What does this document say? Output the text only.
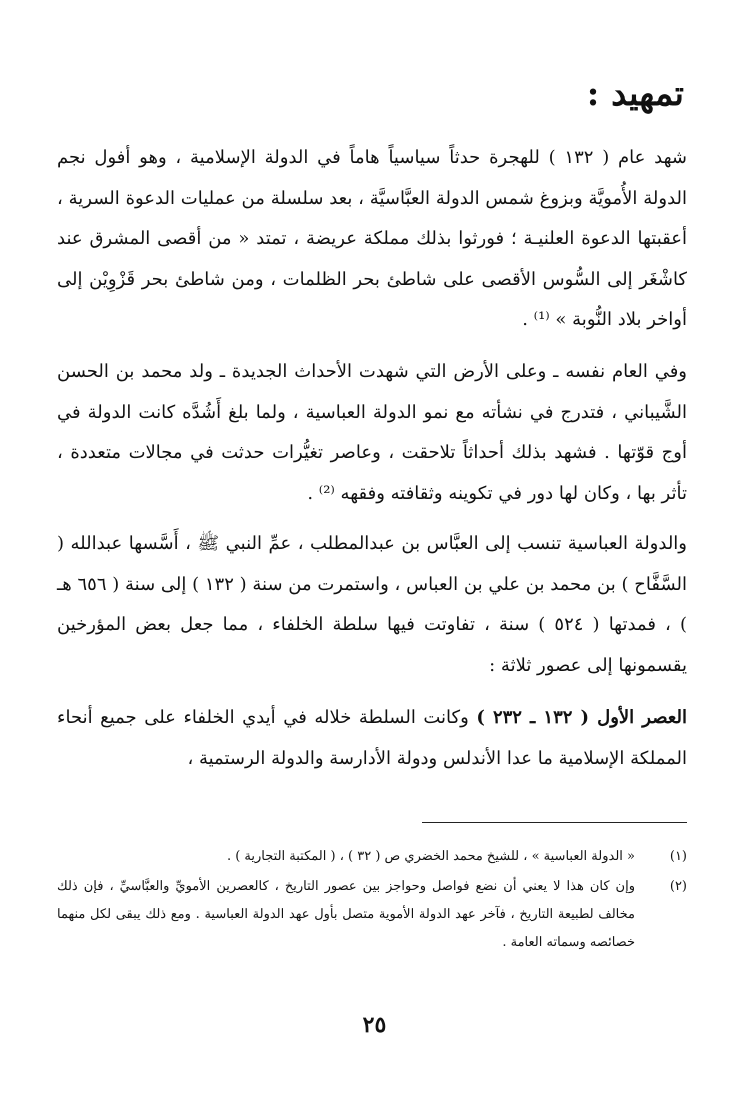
تمهيد :
شهد عام ( ١٣٢ ) للهجرة حدثاً سياسياً هاماً في الدولة الإسلامية ، وهو أفول نجم الدولة الأُمويَّة وبزوغ شمس الدولة العبَّاسيَّة ، بعد سلسلة من عمليات الدعوة السرية ، أعقبتها الدعوة العلنيـة ؛ فورثوا بذلك مملكة عريضة ، تمتد « من أقصى المشرق عند كاشْغَر إلى السُّوس الأقصى على شاطئ بحر الظلمات ، ومن شاطئ بحر قَزْوِيْن إلى أواخر بلاد النُّوبة » ⁽¹⁾ .
وفي العام نفسه ـ وعلى الأرض التي شهدت الأحداث الجديدة ـ ولد محمد بن الحسن الشَّيباني ، فتدرج في نشأته مع نمو الدولة العباسية ، ولما بلغ أَشُدَّه كانت الدولة في أوج قوّتها . فشهد بذلك أحداثاً تلاحقت ، وعاصر تغيُّرات حدثت في مجالات متعددة ، تأثر بها ، وكان لها دور في تكوينه وثقافته وفقهه ⁽²⁾ .
والدولة العباسية تنسب إلى العبَّاس بن عبدالمطلب ، عمِّ النبي ﷺ ، أَسَّسها عبدالله ( السَّفَّاح ) بن محمد بن علي بن العباس ، واستمرت من سنة ( ١٣٢ ) إلى سنة ( ٦٥٦ هـ ) ، فمدتها ( ٥٢٤ ) سنة ، تفاوتت فيها سلطة الخلفاء ، مما جعل بعض المؤرخين يقسمونها إلى عصور ثلاثة :
العصر الأول ( ١٣٢ ـ ٢٣٢ ) وكانت السلطة خلاله في أيدي الخلفاء على جميع أنحاء المملكة الإسلامية ما عدا الأندلس ودولة الأدارسة والدولة الرستمية ،
(١)
« الدولة العباسية » ، للشيخ محمد الخضري ص ( ٣٢ ) ، ( المكتبة التجارية ) .
(٢)
وإن كان هذا لا يعني أن نضع فواصل وحواجز بين عصور التاريخ ، كالعصرين الأمويِّ والعبَّاسيِّ ، فإن ذلك مخالف لطبيعة التاريخ ، فآخر عهد الدولة الأموية متصل بأول عهد الدولة العباسية . ومع ذلك يبقى لكل منهما خصائصه وسماته العامة .
٢٥
